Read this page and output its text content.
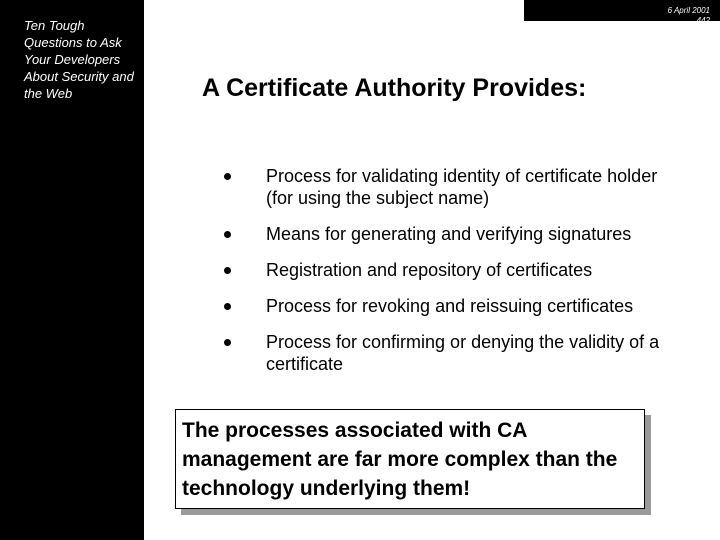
Ten Tough Questions to Ask Your Developers About Security and the Web
6 April 2001
442
A Certificate Authority Provides:
Process for validating identity of certificate holder (for using the subject name)
Means for generating and verifying signatures
Registration and repository of certificates
Process for revoking and reissuing certificates
Process for confirming or denying the validity of a certificate
The processes associated with CA management are far more complex than the technology underlying them!
